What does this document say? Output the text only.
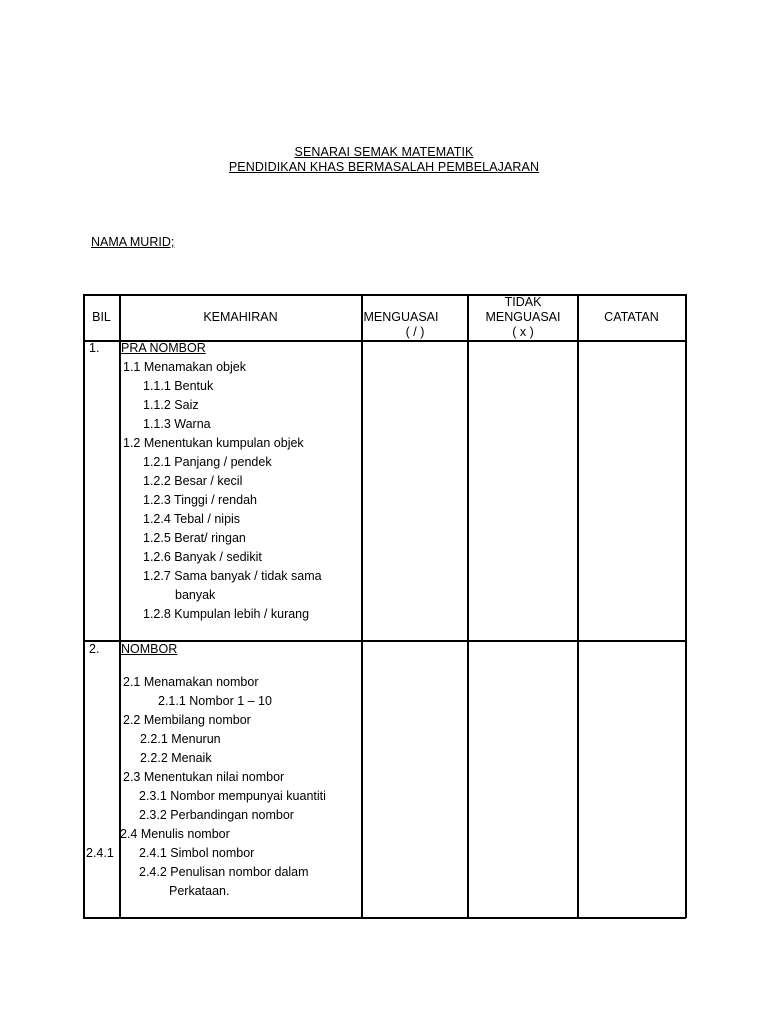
SENARAI SEMAK MATEMATIK
PENDIDIKAN KHAS BERMASALAH PEMBELAJARAN
NAMA MURID;
BIL	KEMAHIRAN	MENGUASAI
( / )
TIDAK
MENGUASAI
( x )
CATATAN
1. PRA NOMBOR
1.1 Menamakan objek
1.1.1 Bentuk
1.1.2 Saiz
1.1.3 Warna
1.2 Menentukan kumpulan objek
1.2.1 Panjang / pendek
1.2.2 Besar / kecil
1.2.3 Tinggi / rendah
1.2.4 Tebal / nipis
1.2.5 Berat/ ringan
1.2.6 Banyak / sedikit
1.2.7 Sama banyak / tidak sama
banyak
1.2.8 Kumpulan lebih / kurang
2. NOMBOR
2.1 Menamakan nombor
2.1.1 Nombor 1 – 10
2.2 Membilang nombor
2.2.1 Menurun
2.2.2 Menaik
2.3 Menentukan nilai nombor
2.3.1 Nombor mempunyai kuantiti
2.3.2 Perbandingan nombor
2.4 Menulis nombor
2.4.1 2.4.1 Simbol nombor
2.4.2 Penulisan nombor dalam
Perkataan.
